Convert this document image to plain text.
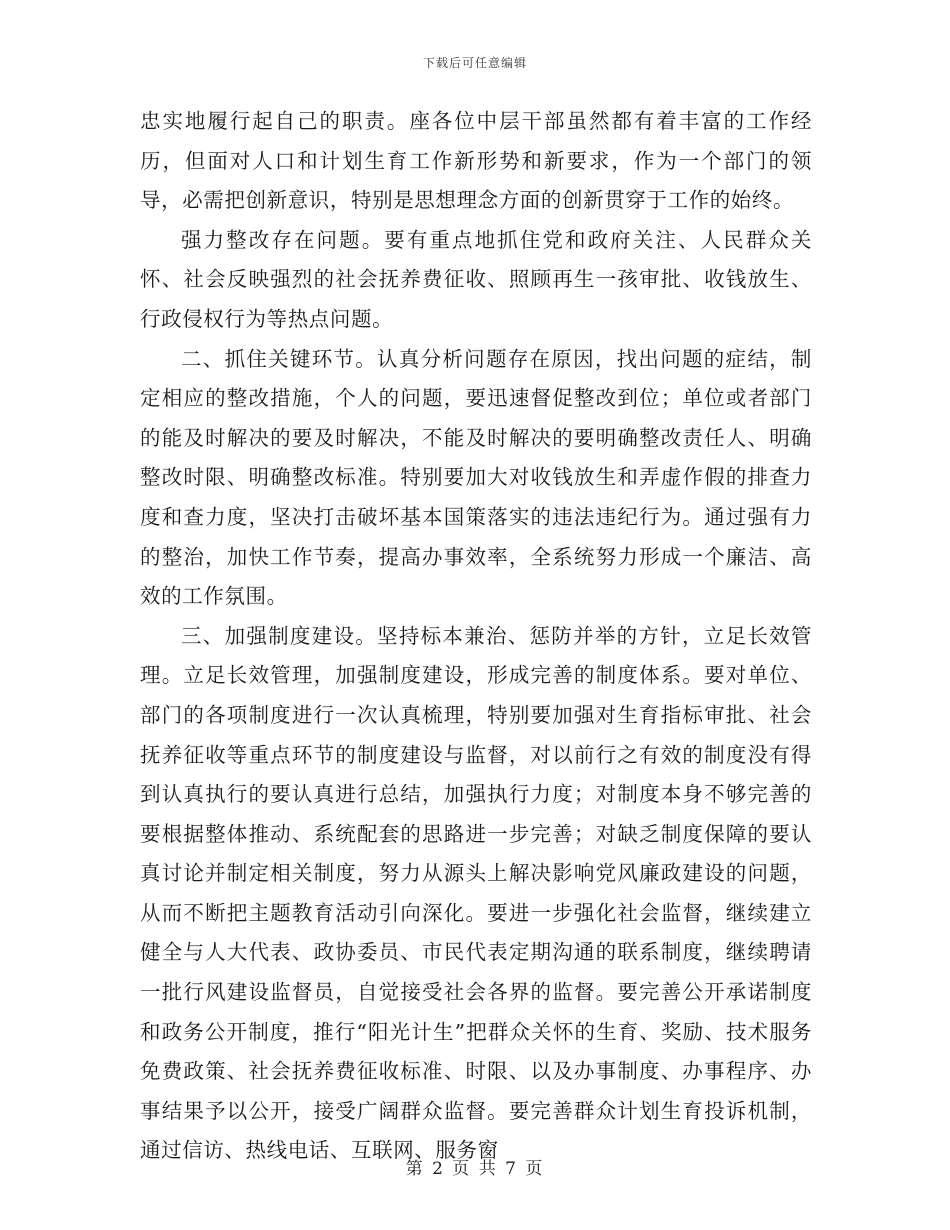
下载后可任意编辑

忠实地履行起自己的职责。座各位中层干部虽然都有着丰富的工作经历，但面对人口和计划生育工作新形势和新要求，作为一个部门的领导，必需把创新意识，特别是思想理念方面的创新贯穿于工作的始终。

强力整改存在问题。要有重点地抓住党和政府关注、人民群众关怀、社会反映强烈的社会抚养费征收、照顾再生一孩审批、收钱放生、行政侵权行为等热点问题。

二、抓住关键环节。认真分析问题存在原因，找出问题的症结，制定相应的整改措施，个人的问题，要迅速督促整改到位；单位或者部门的能及时解决的要及时解决，不能及时解决的要明确整改责任人、明确整改时限、明确整改标准。特别要加大对收钱放生和弄虚作假的排查力度和查力度，坚决打击破坏基本国策落实的违法违纪行为。通过强有力的整治，加快工作节奏，提高办事效率，全系统努力形成一个廉洁、高效的工作氛围。

三、加强制度建设。坚持标本兼治、惩防并举的方针，立足长效管理。立足长效管理，加强制度建设，形成完善的制度体系。要对单位、部门的各项制度进行一次认真梳理，特别要加强对生育指标审批、社会抚养征收等重点环节的制度建设与监督，对以前行之有效的制度没有得到认真执行的要认真进行总结，加强执行力度；对制度本身不够完善的要根据整体推动、系统配套的思路进一步完善；对缺乏制度保障的要认真讨论并制定相关制度，努力从源头上解决影响党风廉政建设的问题，从而不断把主题教育活动引向深化。要进一步强化社会监督，继续建立健全与人大代表、政协委员、市民代表定期沟通的联系制度，继续聘请一批行风建设监督员，自觉接受社会各界的监督。要完善公开承诺制度和政务公开制度，推行“阳光计生”把群众关怀的生育、奖励、技术服务免费政策、社会抚养费征收标准、时限、以及办事制度、办事程序、办事结果予以公开，接受广阔群众监督。要完善群众计划生育投诉机制，通过信访、热线电话、互联网、服务窗

第 2 页 共 7 页
